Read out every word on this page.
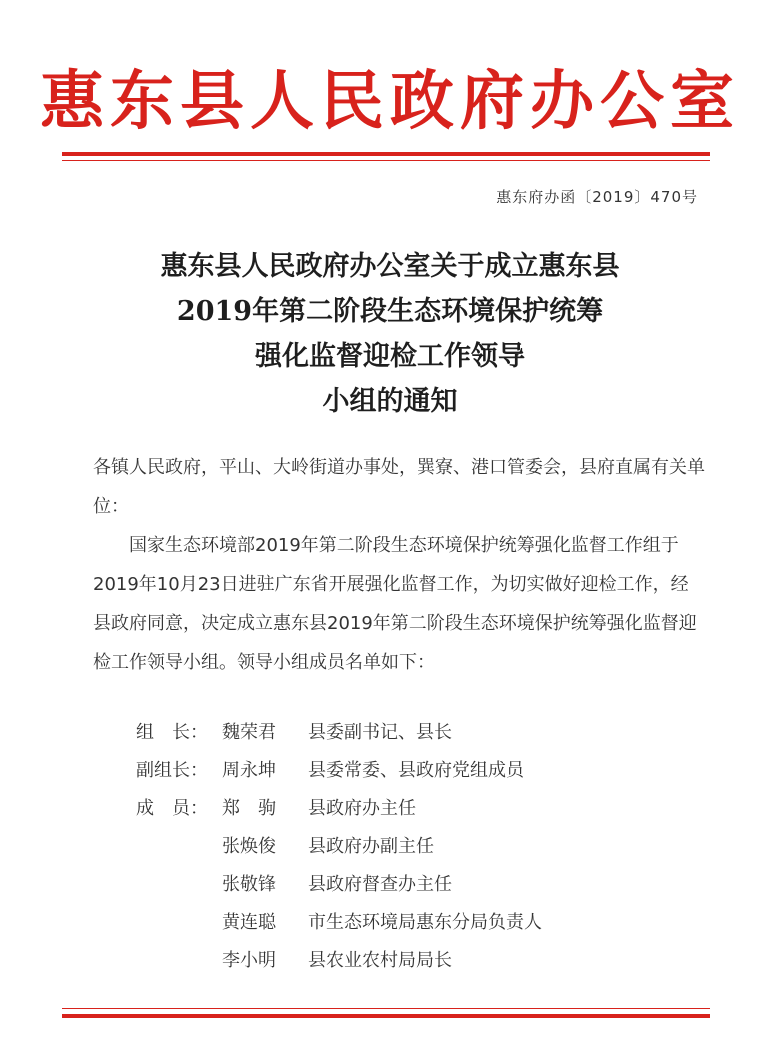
惠东县人民政府办公室
惠东府办函〔2019〕470号
惠东县人民政府办公室关于成立惠东县
2019年第二阶段生态环境保护统筹
强化监督迎检工作领导
小组的通知

各镇人民政府，平山、大岭街道办事处，巽寮、港口管委会，县府直属有关单位：

国家生态环境部2019年第二阶段生态环境保护统筹强化监督工作组于2019年10月23日进驻广东省开展强化监督工作，为切实做好迎检工作，经县政府同意，决定成立惠东县2019年第二阶段生态环境保护统筹强化监督迎检工作领导小组。领导小组成员名单如下：

组　长： 魏荣君	县委副书记、县长
副组长： 周永坤	县委常委、县政府党组成员
成　员： 郑　驹	县政府办主任
张焕俊	县政府办副主任
张敬锋	县政府督查办主任
黄连聪	市生态环境局惠东分局负责人
李小明	县农业农村局局长
